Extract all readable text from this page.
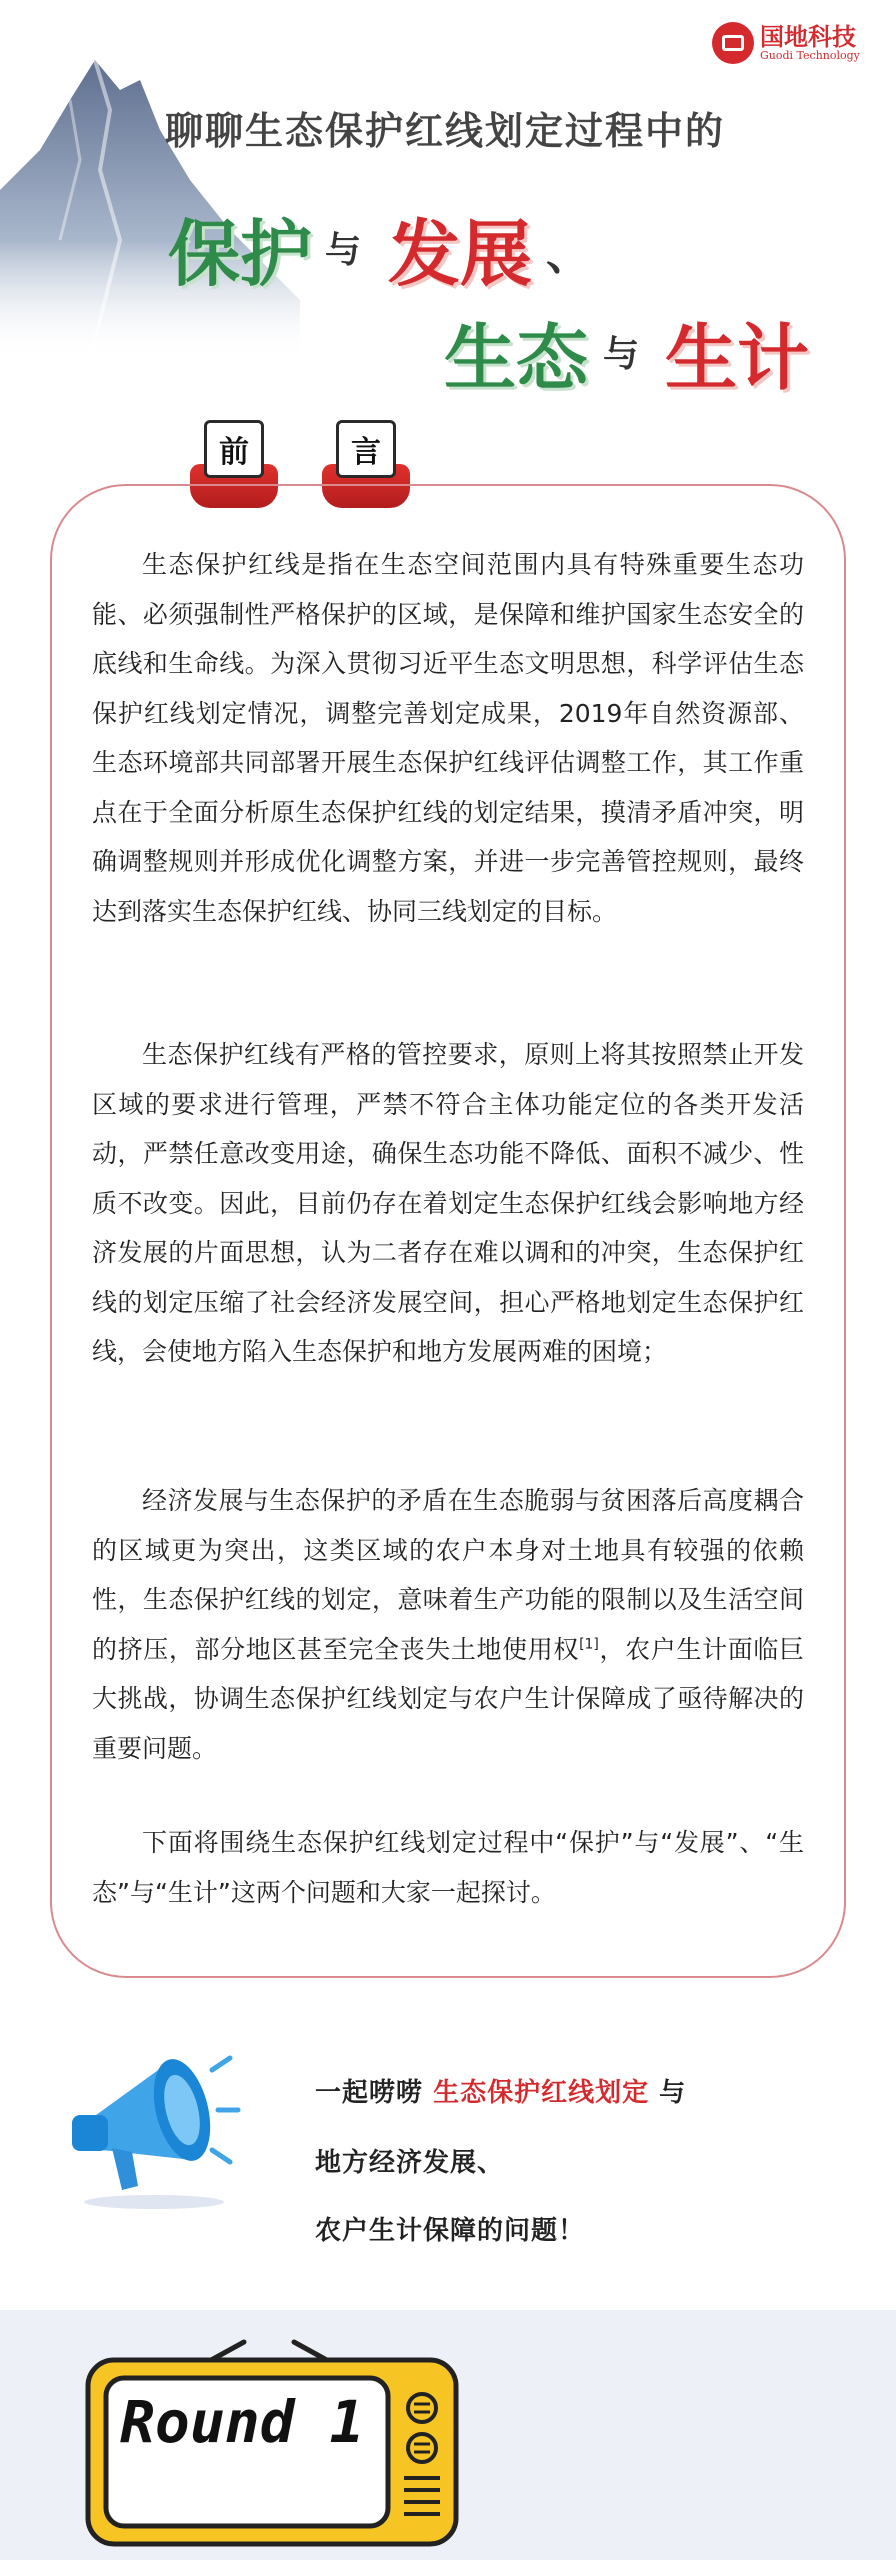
国地科技
Guodi Technology
聊聊生态保护红线划定过程中的
保护 与 发展 、
生态 与 生计
前	言

生态保护红线是指在生态空间范围内具有特殊重要生态功能、必须强制性严格保护的区域，是保障和维护国家生态安全的底线和生命线。为深入贯彻习近平生态文明思想，科学评估生态保护红线划定情况，调整完善划定成果，2019年自然资源部、生态环境部共同部署开展生态保护红线评估调整工作，其工作重点在于全面分析原生态保护红线的划定结果，摸清矛盾冲突，明确调整规则并形成优化调整方案，并进一步完善管控规则，最终达到落实生态保护红线、协同三线划定的目标。

生态保护红线有严格的管控要求，原则上将其按照禁止开发区域的要求进行管理，严禁不符合主体功能定位的各类开发活动，严禁任意改变用途，确保生态功能不降低、面积不减少、性质不改变。因此，目前仍存在着划定生态保护红线会影响地方经济发展的片面思想，认为二者存在难以调和的冲突，生态保护红线的划定压缩了社会经济发展空间，担心严格地划定生态保护红线，会使地方陷入生态保护和地方发展两难的困境；

经济发展与生态保护的矛盾在生态脆弱与贫困落后高度耦合的区域更为突出，这类区域的农户本身对土地具有较强的依赖性，生态保护红线的划定，意味着生产功能的限制以及生活空间的挤压，部分地区甚至完全丧失土地使用权[1]，农户生计面临巨大挑战，协调生态保护红线划定与农户生计保障成了亟待解决的重要问题。

下面将围绕生态保护红线划定过程中“保护”与“发展”、“生态”与“生计”这两个问题和大家一起探讨。

一起唠唠 生态保护红线划定 与
地方经济发展、
农户生计保障的问题！
Round 1
